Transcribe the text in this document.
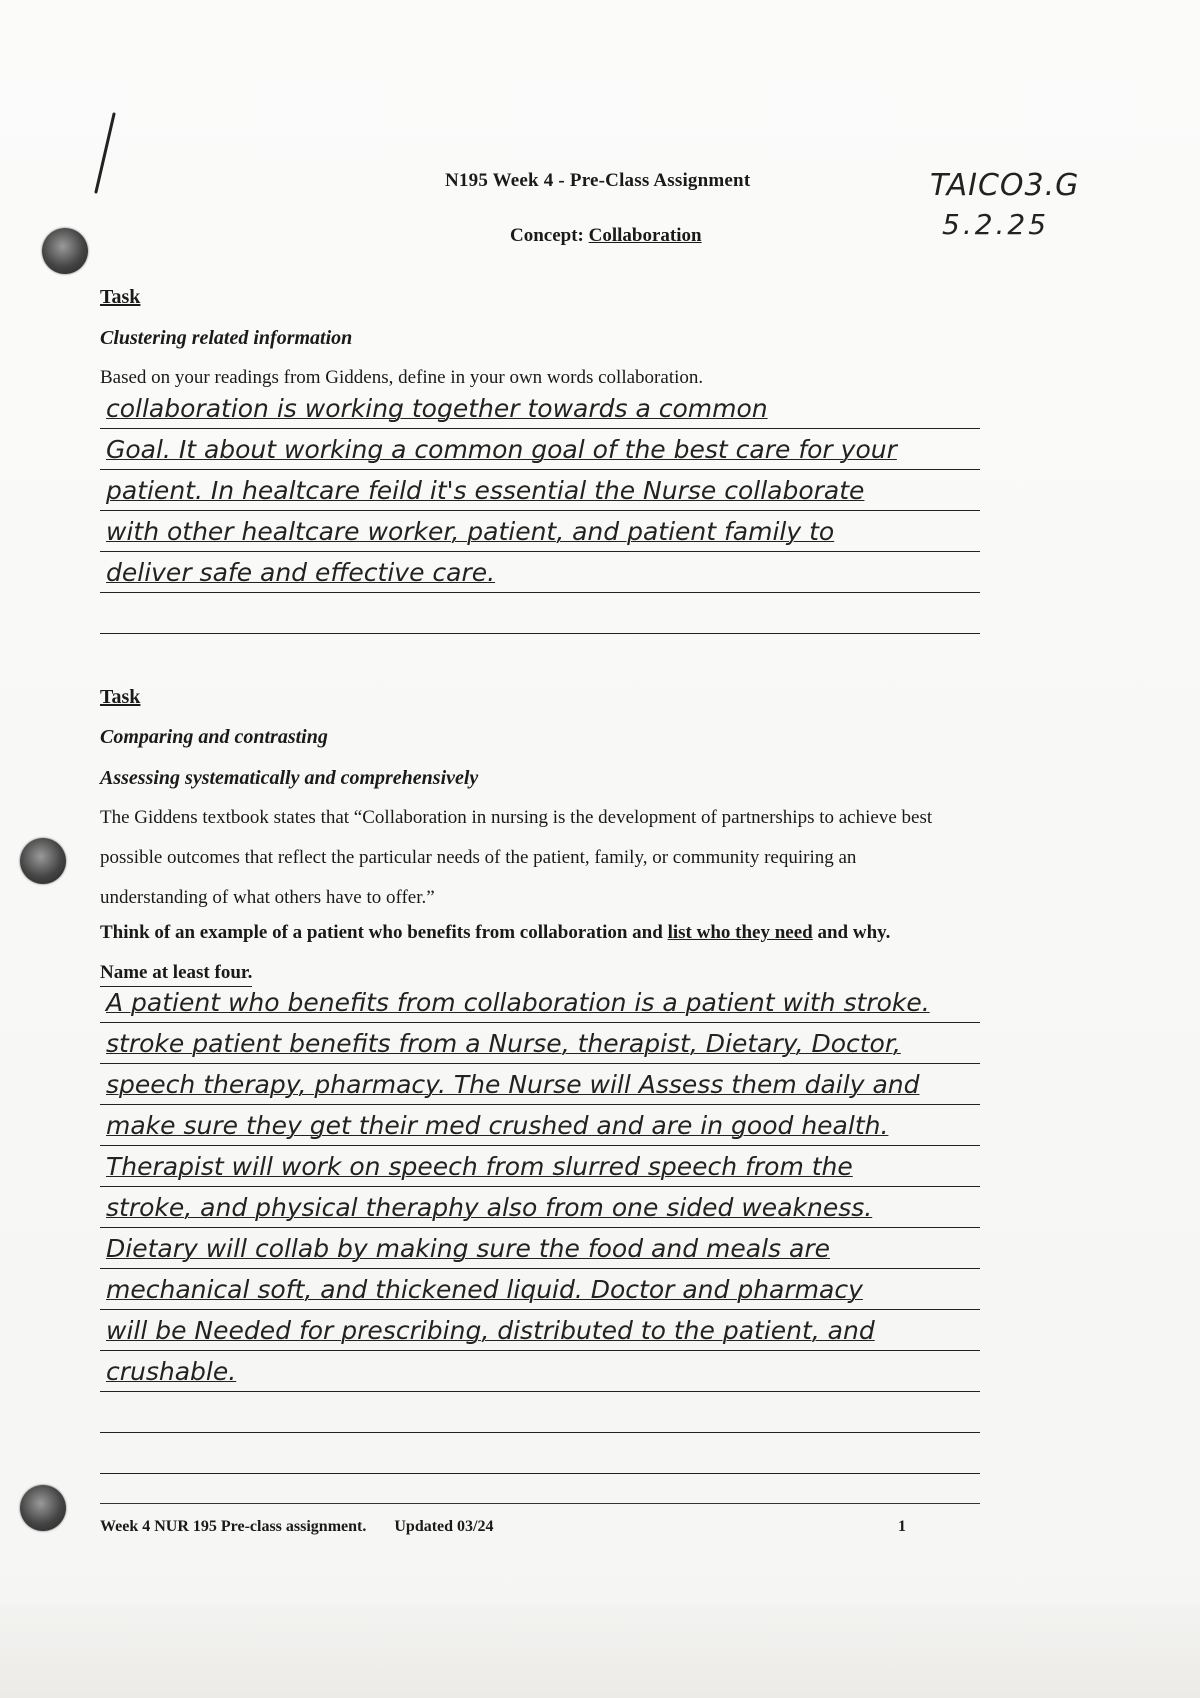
N195 Week 4 - Pre-Class Assignment
Concept: Collaboration
TAICO3.G
5.2.25
Task
Clustering related information
Based on your readings from Giddens, define in your own words collaboration.
collaboration is working together towards a common
Goal. It about working a common goal of the best care for your
patient. In healtcare feild it's essential the Nurse collaborate
with other healtcare worker, patient, and patient family to
deliver safe and effective care.
Task
Comparing and contrasting
Assessing systematically and comprehensively
The Giddens textbook states that “Collaboration in nursing is the development of partnerships to achieve best
possible outcomes that reflect the particular needs of the patient, family, or community requiring an
understanding of what others have to offer.”
Think of an example of a patient who benefits from collaboration and list who they need and why.
Name at least four.
A patient who benefits from collaboration is a patient with stroke.
stroke patient benefits from a Nurse, therapist, Dietary, Doctor,
speech therapy, pharmacy. The Nurse will Assess them daily and
make sure they get their med crushed and are in good health.
Therapist will work on speech from slurred speech from the
stroke, and physical theraphy also from one sided weakness.
Dietary will collab by making sure the food and meals are
mechanical soft, and thickened liquid. Doctor and pharmacy
will be Needed for prescribing, distributed to the patient, and
crushable.
Week 4 NUR 195 Pre-class assignment. Updated 03/24	1
